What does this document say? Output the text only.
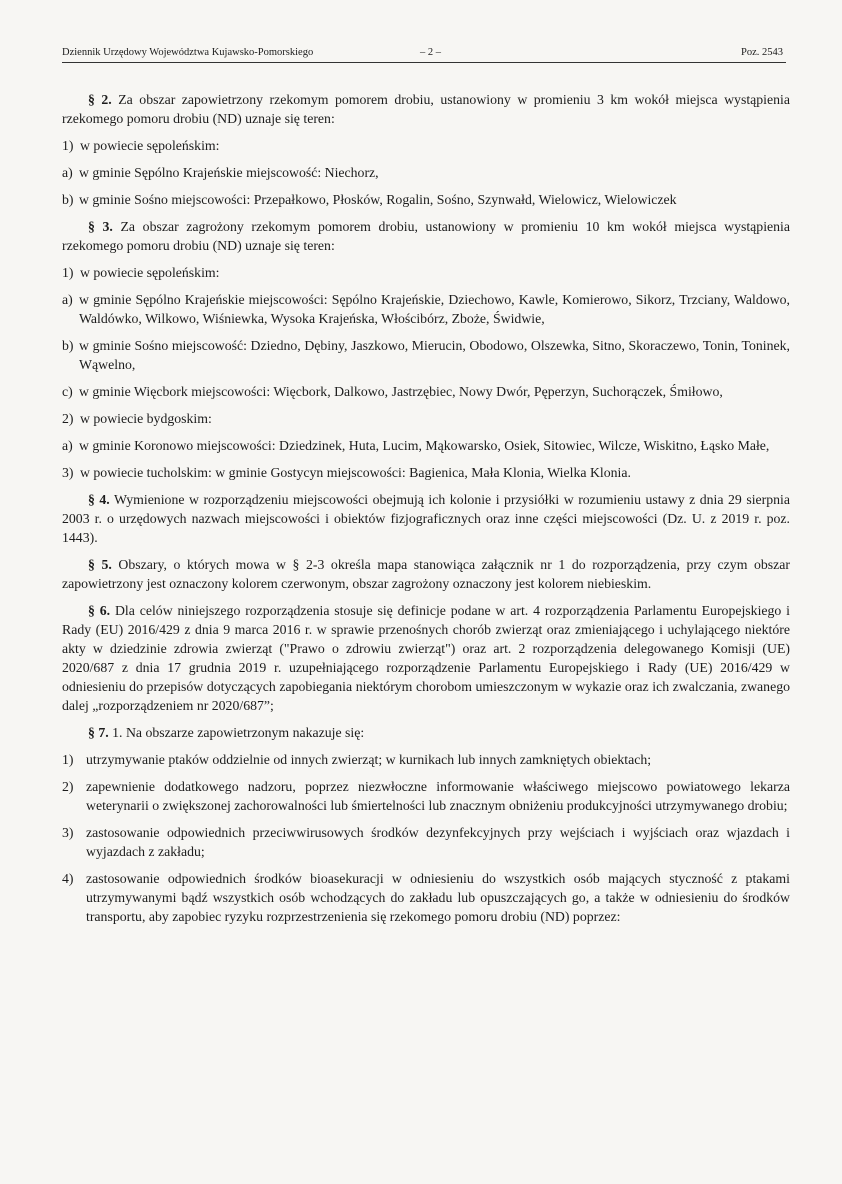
Dziennik Urzędowy Województwa Kujawsko-Pomorskiego	– 2 –	Poz. 2543

§ 2. Za obszar zapowietrzony rzekomym pomorem drobiu, ustanowiony w promieniu 3 km wokół miejsca wystąpienia rzekomego pomoru drobiu (ND) uznaje się teren:

1) w powiecie sępoleńskim:

a) w gminie Sępólno Krajeńskie miejscowość: Niechorz,

b) w gminie Sośno miejscowości: Przepałkowo, Płosków, Rogalin, Sośno, Szynwałd, Wielowicz, Wielowiczek

§ 3. Za obszar zagrożony rzekomym pomorem drobiu, ustanowiony w promieniu 10 km wokół miejsca wystąpienia rzekomego pomoru drobiu (ND) uznaje się teren:

1) w powiecie sępoleńskim:

a) w gminie Sępólno Krajeńskie miejscowości: Sępólno Krajeńskie, Dziechowo, Kawle, Komierowo, Sikorz, Trzciany, Waldowo, Waldówko, Wilkowo, Wiśniewka, Wysoka Krajeńska, Włościbórz, Zboże, Świdwie,

b) w gminie Sośno miejscowość: Dziedno, Dębiny, Jaszkowo, Mierucin, Obodowo, Olszewka, Sitno, Skoraczewo, Tonin, Toninek, Wąwelno,

c) w gminie Więcbork miejscowości: Więcbork, Dalkowo, Jastrzębiec, Nowy Dwór, Pęperzyn, Suchorączek, Śmiłowo,

2) w powiecie bydgoskim:

a) w gminie Koronowo miejscowości: Dziedzinek, Huta, Lucim, Mąkowarsko, Osiek, Sitowiec, Wilcze, Wiskitno, Łąsko Małe,

3) w powiecie tucholskim: w gminie Gostycyn miejscowości: Bagienica, Mała Klonia, Wielka Klonia.

§ 4. Wymienione w rozporządzeniu miejscowości obejmują ich kolonie i przysiółki w rozumieniu ustawy z dnia 29 sierpnia 2003 r. o urzędowych nazwach miejscowości i obiektów fizjograficznych oraz inne części miejscowości (Dz. U. z 2019 r. poz. 1443).

§ 5. Obszary, o których mowa w § 2-3 określa mapa stanowiąca załącznik nr 1 do rozporządzenia, przy czym obszar zapowietrzony jest oznaczony kolorem czerwonym, obszar zagrożony oznaczony jest kolorem niebieskim.

§ 6. Dla celów niniejszego rozporządzenia stosuje się definicje podane w art. 4 rozporządzenia Parlamentu Europejskiego i Rady (EU) 2016/429 z dnia 9 marca 2016 r. w sprawie przenośnych chorób zwierząt oraz zmieniającego i uchylającego niektóre akty w dziedzinie zdrowia zwierząt ("Prawo o zdrowiu zwierząt") oraz art. 2 rozporządzenia delegowanego Komisji (UE) 2020/687 z dnia 17 grudnia 2019 r. uzupełniającego rozporządzenie Parlamentu Europejskiego i Rady (UE) 2016/429 w odniesieniu do przepisów dotyczących zapobiegania niektórym chorobom umieszczonym w wykazie oraz ich zwalczania, zwanego dalej „rozporządzeniem nr 2020/687”;

§ 7. 1. Na obszarze zapowietrzonym nakazuje się:

1) utrzymywanie ptaków oddzielnie od innych zwierząt; w kurnikach lub innych zamkniętych obiektach;

2) zapewnienie dodatkowego nadzoru, poprzez niezwłoczne informowanie właściwego miejscowo powiatowego lekarza weterynarii o zwiększonej zachorowalności lub śmiertelności lub znacznym obniżeniu produkcyjności utrzymywanego drobiu;

3) zastosowanie odpowiednich przeciwwirusowych środków dezynfekcyjnych przy wejściach i wyjściach oraz wjazdach i wyjazdach z zakładu;

4) zastosowanie odpowiednich środków bioasekuracji w odniesieniu do wszystkich osób mających styczność z ptakami utrzymywanymi bądź wszystkich osób wchodzących do zakładu lub opuszczających go, a także w odniesieniu do środków transportu, aby zapobiec ryzyku rozprzestrzenienia się rzekomego pomoru drobiu (ND) poprzez:
